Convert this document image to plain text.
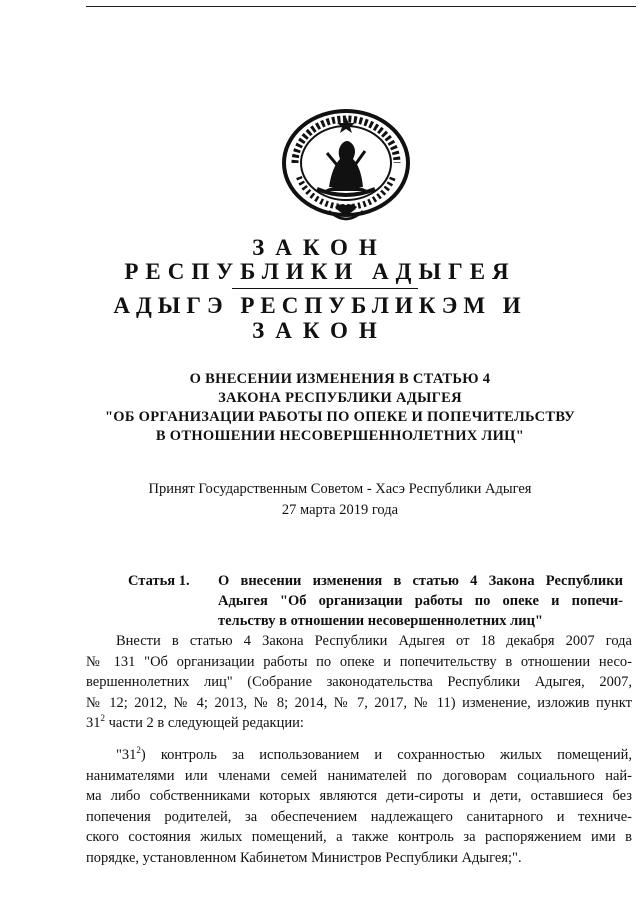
ЗАКОН
РЕСПУБЛИКИ АДЫГЕЯ
АДЫГЭ РЕСПУБЛИКЭМ И
ЗАКОН
О ВНЕСЕНИИ ИЗМЕНЕНИЯ В СТАТЬЮ 4
ЗАКОНА РЕСПУБЛИКИ АДЫГЕЯ
"ОБ ОРГАНИЗАЦИИ РАБОТЫ ПО ОПЕКЕ И ПОПЕЧИТЕЛЬСТВУ
В ОТНОШЕНИИ НЕСОВЕРШЕННОЛЕТНИХ ЛИЦ"
Принят Государственным Советом - Хасэ Республики Адыгея
27 марта 2019 года
Статья 1. О внесении изменения в статью 4 Закона Республики
Адыгея "Об организации работы по опеке и попечи-
тельству в отношении несовершеннолетних лиц"
Внести в статью 4 Закона Республики Адыгея от 18 декабря 2007 года
№ 131 "Об организации работы по опеке и попечительству в отношении несо-
вершеннолетних лиц" (Собрание законодательства Республики Адыгея, 2007,
№ 12; 2012, № 4; 2013, № 8; 2014, № 7, 2017, № 11) изменение, изложив пункт
$31^2$ части 2 в следующей редакции:
"$31^2$) контроль за использованием и сохранностью жилых помещений,
нанимателями или членами семей нанимателей по договорам социального най-
ма либо собственниками которых являются дети-сироты и дети, оставшиеся без
попечения родителей, за обеспечением надлежащего санитарного и техниче-
ского состояния жилых помещений, а также контроль за распоряжением ими в
порядке, установленном Кабинетом Министров Республики Адыгея;".
